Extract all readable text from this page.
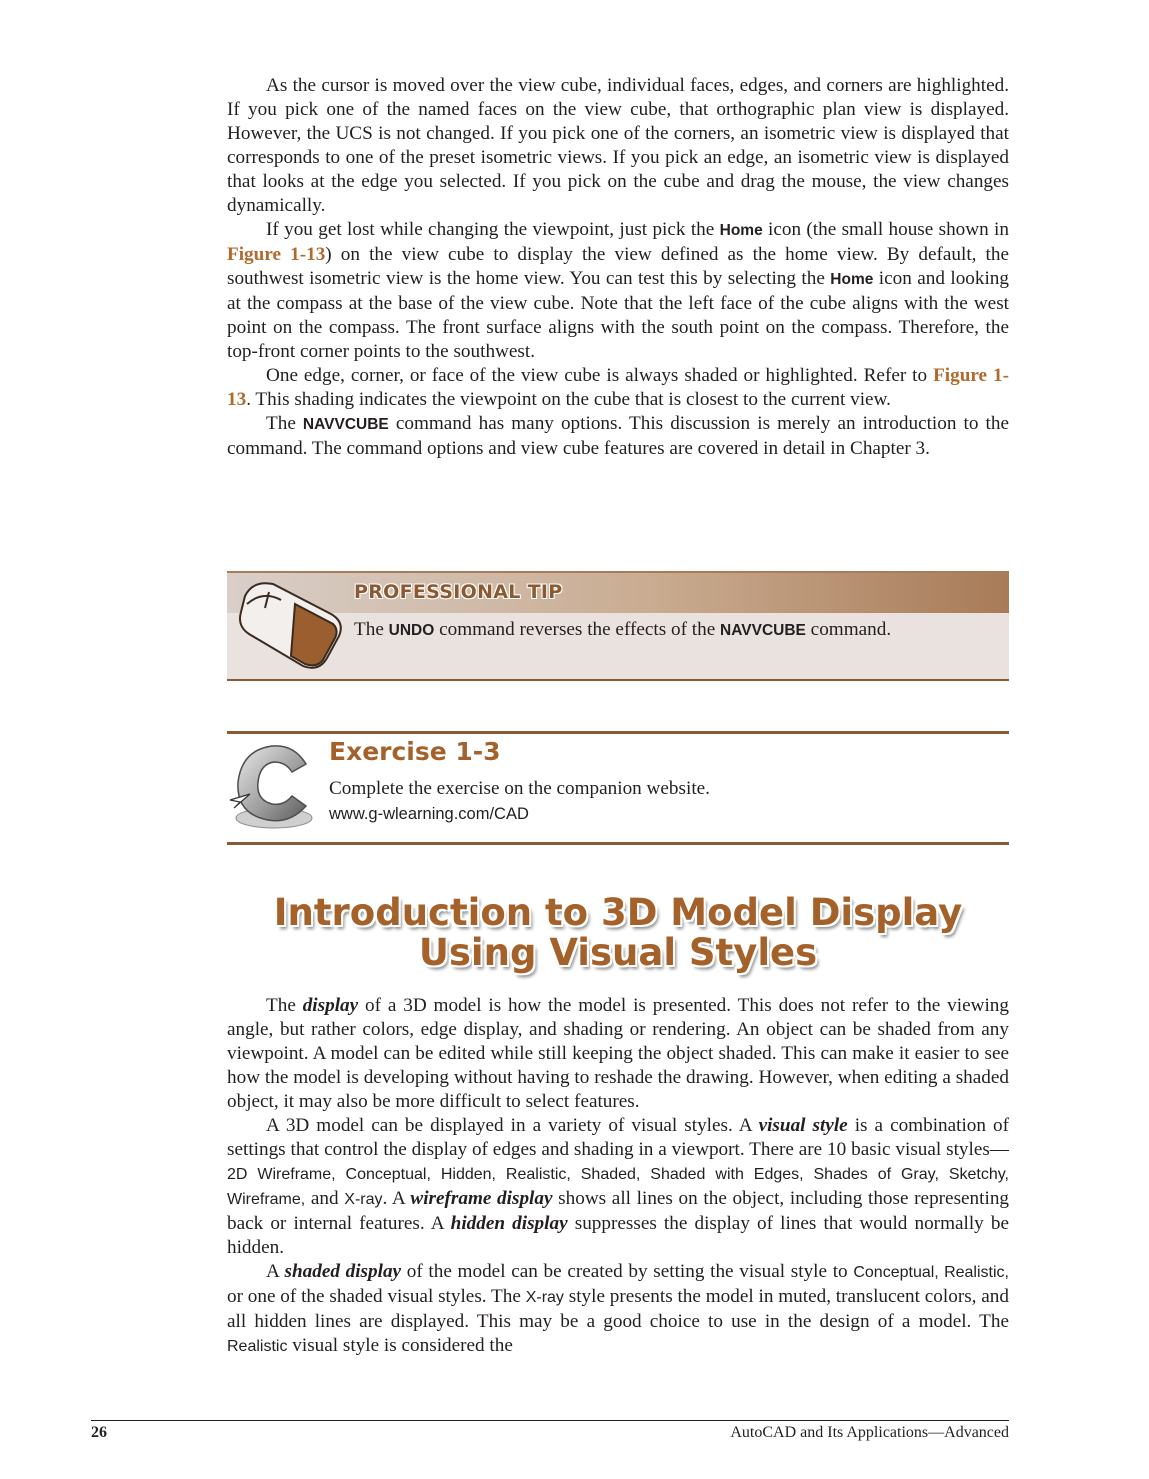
As the cursor is moved over the view cube, individual faces, edges, and corners are highlighted. If you pick one of the named faces on the view cube, that orthographic plan view is displayed. However, the UCS is not changed. If you pick one of the corners, an isometric view is displayed that corresponds to one of the preset isometric views. If you pick an edge, an isometric view is displayed that looks at the edge you selected. If you pick on the cube and drag the mouse, the view changes dynamically.

If you get lost while changing the viewpoint, just pick the Home icon (the small house shown in Figure 1-13) on the view cube to display the view defined as the home view. By default, the southwest isometric view is the home view. You can test this by selecting the Home icon and looking at the compass at the base of the view cube. Note that the left face of the cube aligns with the west point on the compass. The front surface aligns with the south point on the compass. Therefore, the top-front corner points to the southwest.

One edge, corner, or face of the view cube is always shaded or highlighted. Refer to Figure 1-13. This shading indicates the viewpoint on the cube that is closest to the current view.

The NAVVCUBE command has many options. This discussion is merely an introduction to the command. The command options and view cube features are covered in detail in Chapter 3.

PROFESSIONAL TIP
The UNDO command reverses the effects of the NAVVCUBE command.
Exercise 1-3
Complete the exercise on the companion website.
www.g-wlearning.com/CAD
Introduction to 3D Model Display
Using Visual Styles

The display of a 3D model is how the model is presented. This does not refer to the viewing angle, but rather colors, edge display, and shading or rendering. An object can be shaded from any viewpoint. A model can be edited while still keeping the object shaded. This can make it easier to see how the model is developing without having to reshade the drawing. However, when editing a shaded object, it may also be more difficult to select features.

A 3D model can be displayed in a variety of visual styles. A visual style is a combination of settings that control the display of edges and shading in a viewport. There are 10 basic visual styles—2D Wireframe, Conceptual, Hidden, Realistic, Shaded, Shaded with Edges, Shades of Gray, Sketchy, Wireframe, and X-ray. A wireframe display shows all lines on the object, including those representing back or internal features. A hidden display suppresses the display of lines that would normally be hidden.

A shaded display of the model can be created by setting the visual style to Conceptual, Realistic, or one of the shaded visual styles. The X-ray style presents the model in muted, translucent colors, and all hidden lines are displayed. This may be a good choice to use in the design of a model. The Realistic visual style is considered the

26	AutoCAD and Its Applications—Advanced
